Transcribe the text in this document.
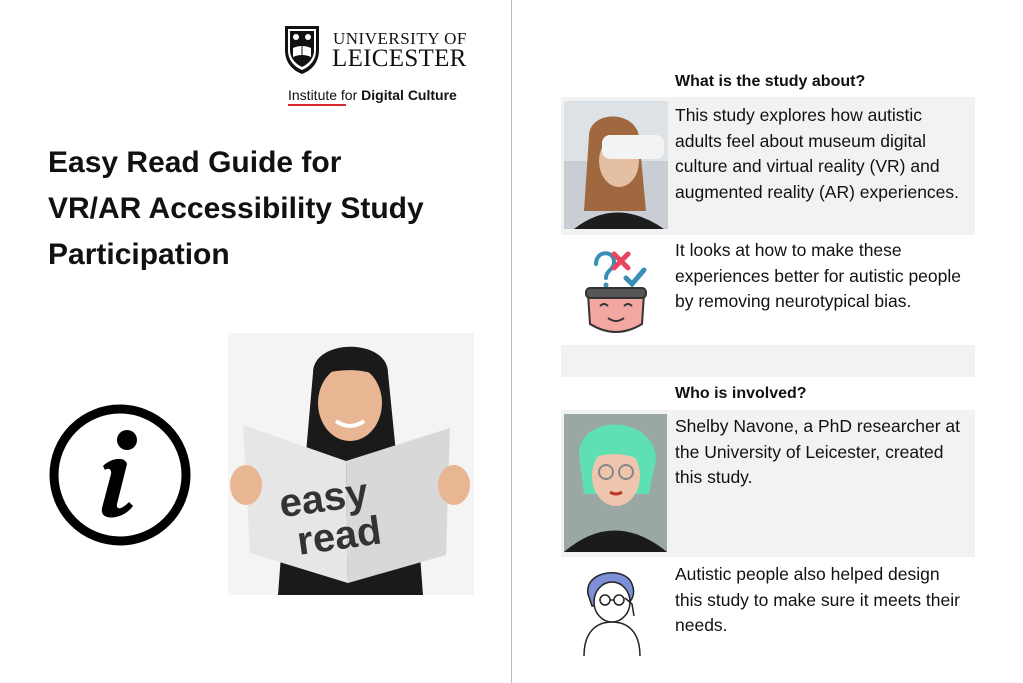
UNIVERSITY OF
LEICESTER
Institute for Digital Culture
Easy Read Guide for
VR/AR Accessibility Study
Participation
easy
read
What is the study about?
This study explores how autistic adults feel about museum digital culture and virtual reality (VR) and augmented reality (AR) experiences.
It looks at how to make these experiences better for autistic people by removing neurotypical bias.
Who is involved?
Shelby Navone, a PhD researcher at the University of Leicester, created this study.
Autistic people also helped design this study to make sure it meets their needs.
